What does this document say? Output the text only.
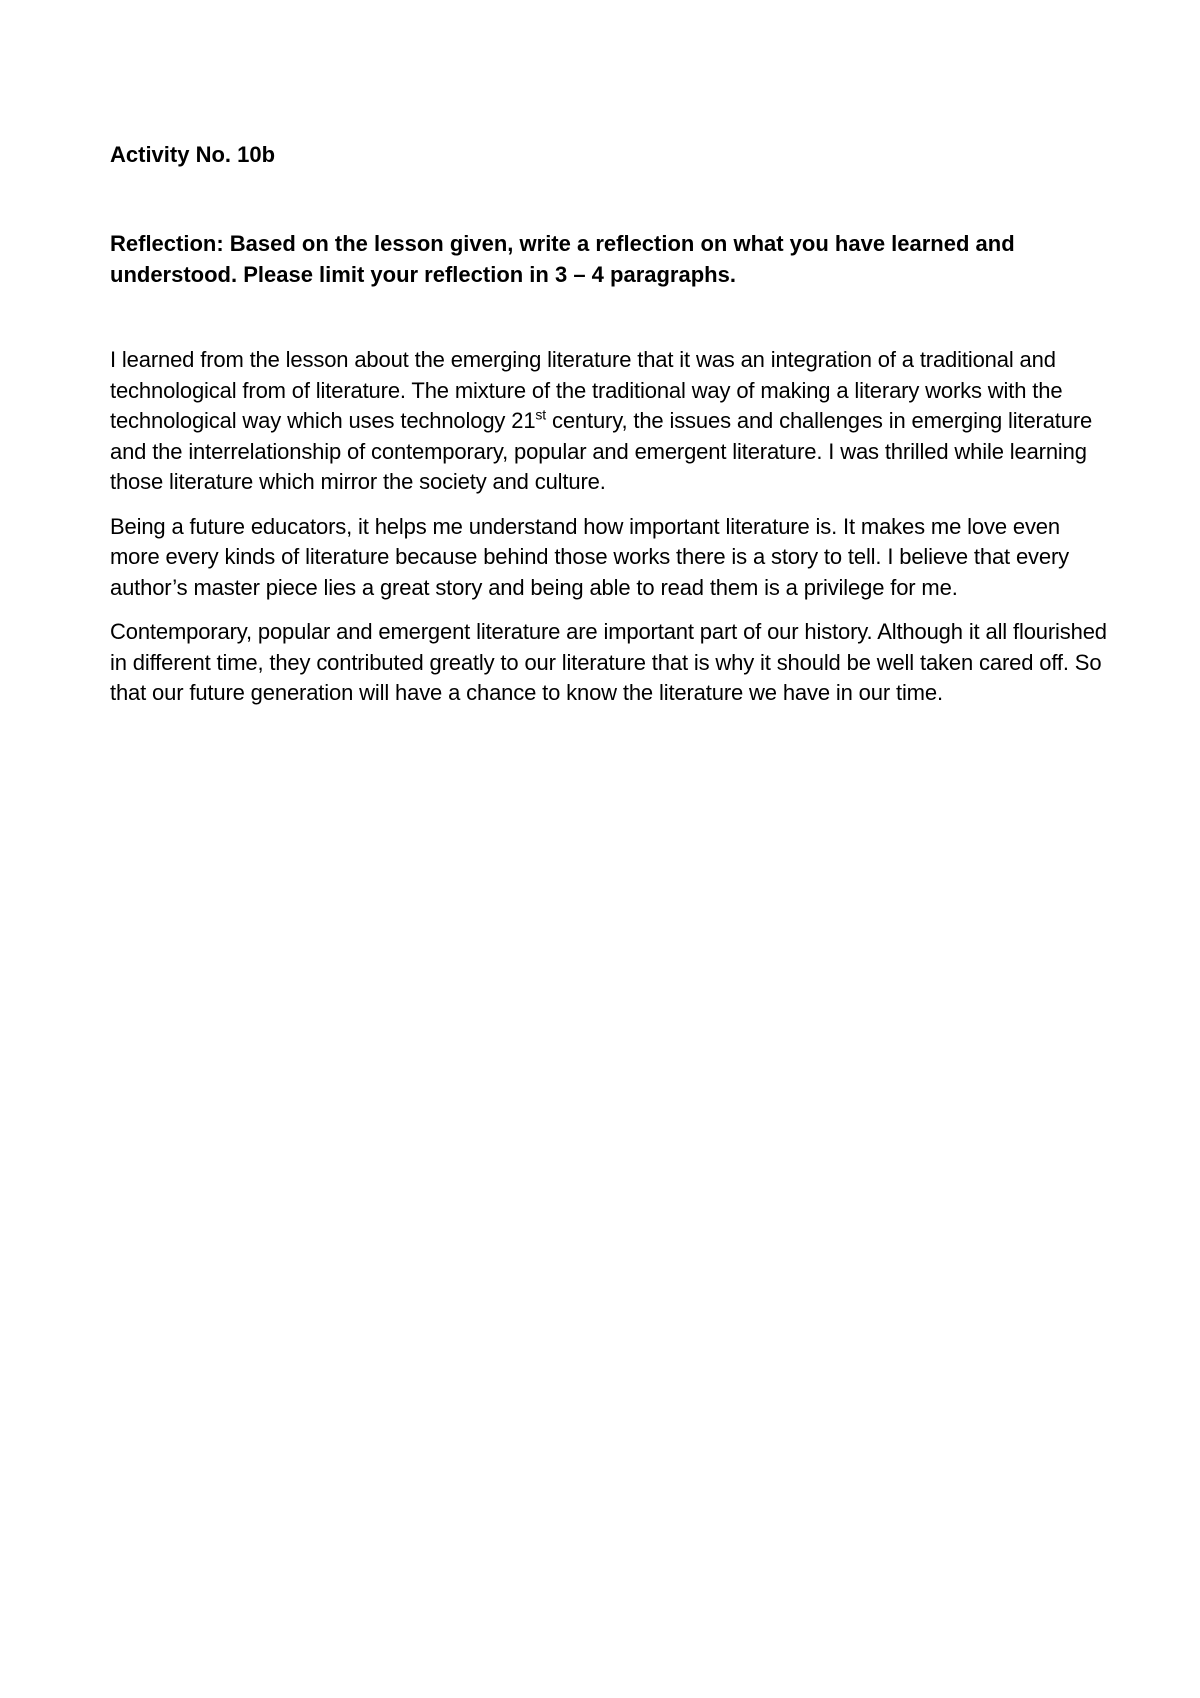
Activity No. 10b

Reflection: Based on the lesson given, write a reflection on what you have learned and understood. Please limit your reflection in 3 – 4 paragraphs.

I learned from the lesson about the emerging literature that it was an integration of a traditional and technological from of literature. The mixture of the traditional way of making a literary works with the technological way which uses technology 21st century, the issues and challenges in emerging literature and the interrelationship of contemporary, popular and emergent literature. I was thrilled while learning those literature which mirror the society and culture.

Being a future educators, it helps me understand how important literature is. It makes me love even more every kinds of literature because behind those works there is a story to tell. I believe that every author’s master piece lies a great story and being able to read them is a privilege for me.

Contemporary, popular and emergent literature are important part of our history. Although it all flourished in different time, they contributed greatly to our literature that is why it should be well taken cared off. So that our future generation will have a chance to know the literature we have in our time.
